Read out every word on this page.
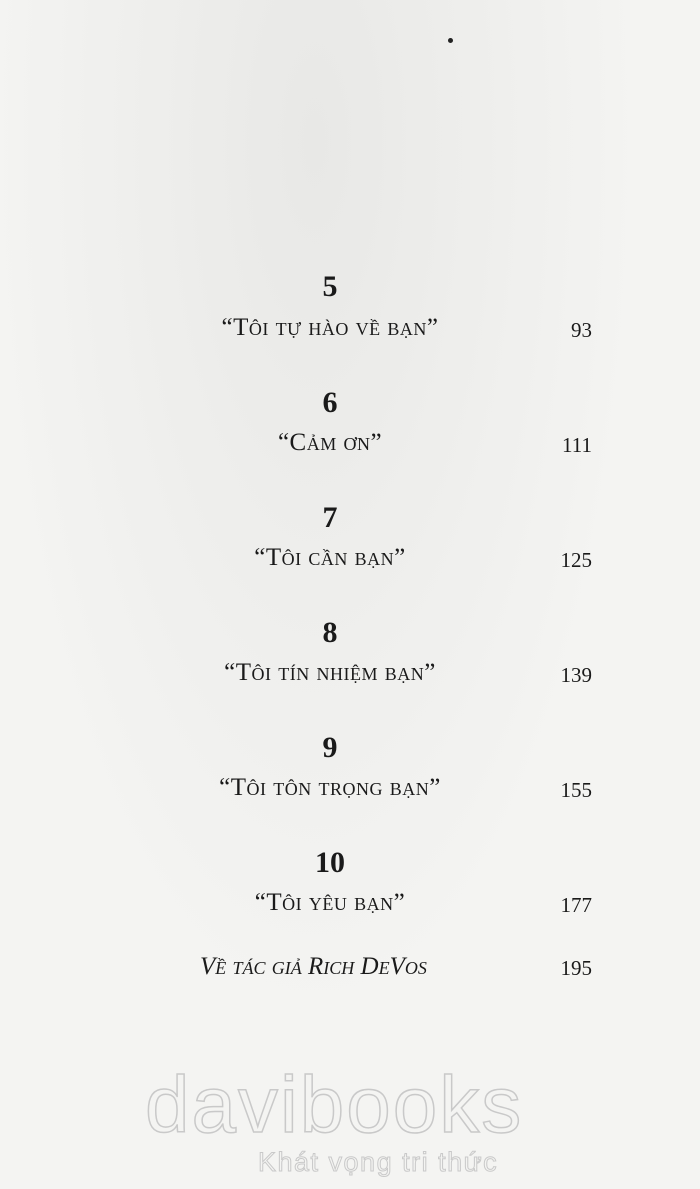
5
“Tôi tự hào về bạn”	93
6
“Cảm ơn”	111
7
“Tôi cần bạn”	125
8
“Tôi tín nhiệm bạn”	139
9
“Tôi tôn trọng bạn”	155
10
“Tôi yêu bạn”	177
Về tác giả Rich DeVos	195
davibooks
Khát vọng tri thức
